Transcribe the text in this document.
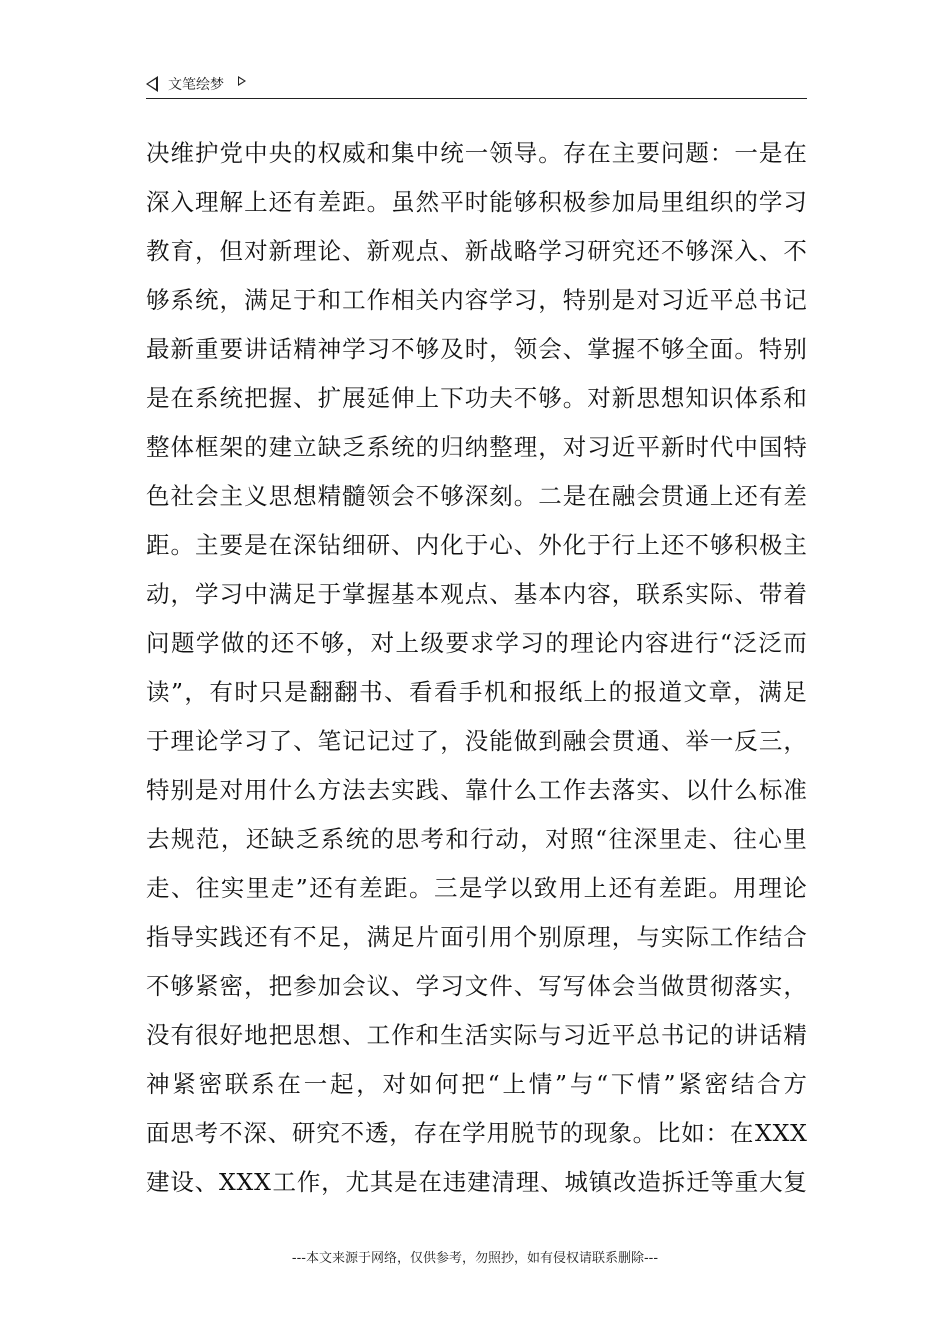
文笔绘梦
决 维 护 党 中 央 的 权 威 和 集 中 统 一 领 导 。 存 在 主 要 问 题 ： 一 是 在
深 入 理 解 上 还 有 差 距 。 虽 然 平 时 能 够 积 极 参 加 局 里 组 织 的 学 习
教 育 ， 但 对 新 理 论 、 新 观 点 、 新 战 略 学 习 研 究 还 不 够 深 入 、 不
够 系 统 ， 满 足 于 和 工 作 相 关 内 容 学 习 ， 特 别 是 对 习 近 平 总 书 记
最 新 重 要 讲 话 精 神 学 习 不 够 及 时 ， 领 会 、 掌 握 不 够 全 面 。 特 别
是 在 系 统 把 握 、 扩 展 延 伸 上 下 功 夫 不 够 。 对 新 思 想 知 识 体 系 和
整 体 框 架 的 建 立 缺 乏 系 统 的 归 纳 整 理 ， 对 习 近 平 新 时 代 中 国 特
色 社 会 主 义 思 想 精 髓 领 会 不 够 深 刻 。 二 是 在 融 会 贯 通 上 还 有 差
距 。 主 要 是 在 深 钻 细 研 、 内 化 于 心 、 外 化 于 行 上 还 不 够 积 极 主
动 ， 学 习 中 满 足 于 掌 握 基 本 观 点 、 基 本 内 容 ， 联 系 实 际 、 带 着
问 题 学 做 的 还 不 够 ， 对 上 级 要 求 学 习 的 理 论 内 容 进 行 “ 泛 泛 而
读 ” ， 有 时 只 是 翻 翻 书 、 看 看 手 机 和 报 纸 上 的 报 道 文 章 ， 满 足
于 理 论 学 习 了 、 笔 记 记 过 了 ， 没 能 做 到 融 会 贯 通 、 举 一 反 三 ，
特 别 是 对 用 什 么 方 法 去 实 践 、 靠 什 么 工 作 去 落 实 、 以 什 么 标 准
去 规 范 ， 还 缺 乏 系 统 的 思 考 和 行 动 ， 对 照 “ 往 深 里 走 、 往 心 里
走 、 往 实 里 走 ” 还 有 差 距 。 三 是 学 以 致 用 上 还 有 差 距 。 用 理 论
指 导 实 践 还 有 不 足 ， 满 足 片 面 引 用 个 别 原 理 ， 与 实 际 工 作 结 合
不 够 紧 密 ， 把 参 加 会 议 、 学 习 文 件 、 写 写 体 会 当 做 贯 彻 落 实 ，
没 有 很 好 地 把 思 想 、 工 作 和 生 活 实 际 与 习 近 平 总 书 记 的 讲 话 精
神 紧 密 联 系 在 一 起 ， 对 如 何 把 “ 上 情 ” 与 “ 下 情 ” 紧 密 结 合 方
面 思 考 不 深 、 研 究 不 透 ， 存 在 学 用 脱 节 的 现 象 。 比 如 ： 在 X X X
建 设 、 X X X 工 作 ， 尤 其 是 在 违 建 清 理 、 城 镇 改 造 拆 迁 等 重 大 复
---本文来源于网络，仅供参考，勿照抄，如有侵权请联系删除---
